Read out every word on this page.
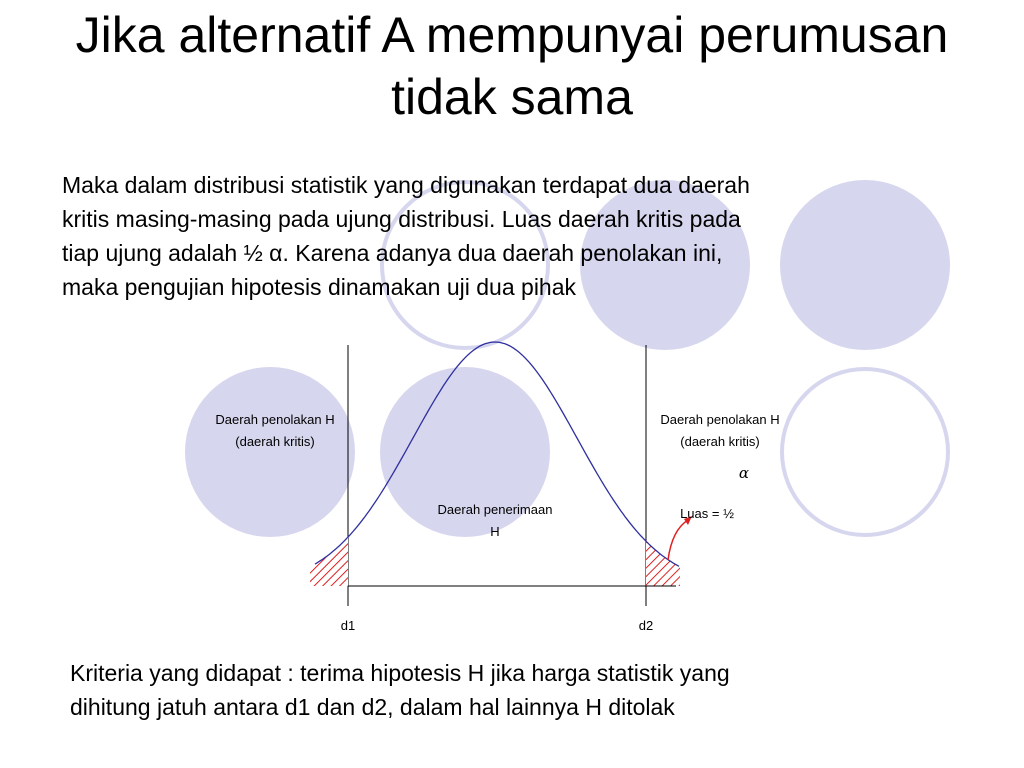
Jika alternatif A mempunyai perumusan tidak sama
Maka dalam distribusi statistik yang digunakan terdapat dua daerah
kritis masing-masing pada ujung distribusi. Luas daerah kritis pada
tiap ujung adalah ½ α. Karena adanya dua daerah penolakan ini,
maka pengujian hipotesis dinamakan uji dua pihak
Daerah penolakan H
(daerah kritis)
Daerah penolakan H
(daerah kritis)
α
Daerah penerimaan
H
Luas = ½
d1	d2
Kriteria yang didapat : terima hipotesis H jika harga statistik yang
dihitung jatuh antara d1 dan d2, dalam hal lainnya H ditolak
